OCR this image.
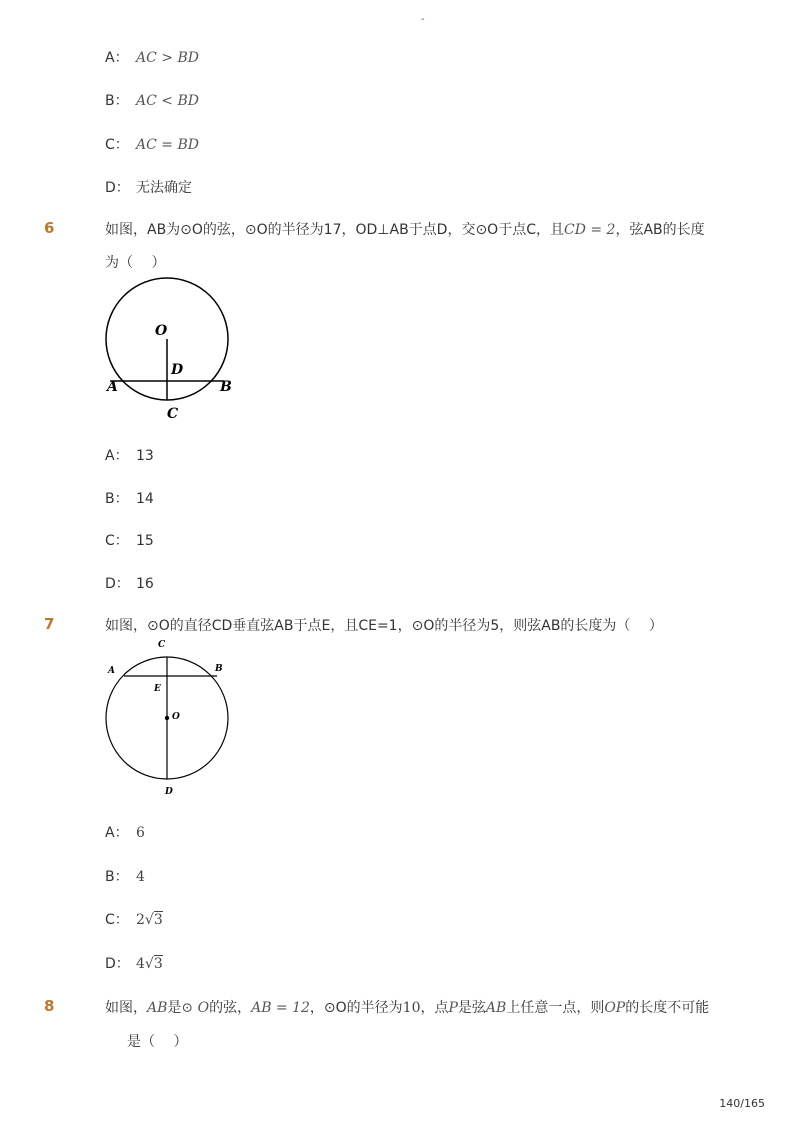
-
A： AC > BD
B： AC < BD
C： AC = BD
D： 无法确定
6	如图，AB为⊙O的弦，⊙O的半径为17，OD⊥AB于点D，交⊙O于点C，且CD = 2，弦AB的长度
为（　 ）
O
D
A	B
C
A： 13
B： 14
C： 15
D： 16
7	如图，⊙O的直径CD垂直弦AB于点E，且CE=1，⊙O的半径为5，则弦AB的长度为（　 ）
C
A	B
E
O
D
A： 6
B： 4
C： 2√3
D： 4√3
8	如图，AB是⊙ O的弦，AB = 12，⊙O的半径为10，点P是弦AB上任意一点，则OP的长度不可能
是（　 ）
140/165
